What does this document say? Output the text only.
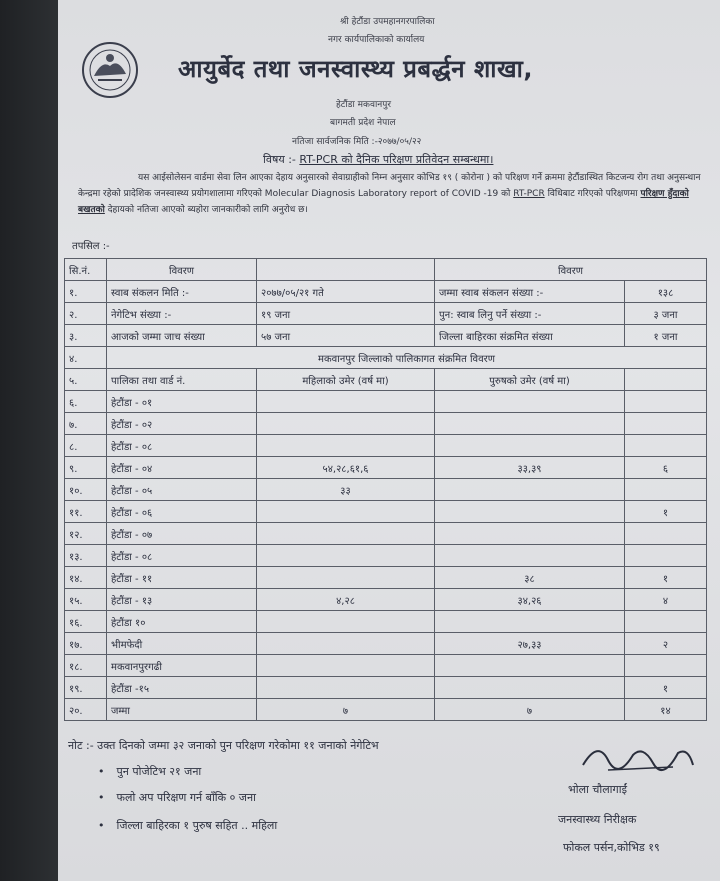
श्री हेटौंडा उपमहानगरपालिका
नगर कार्यपालिकाको कार्यालय
आयुर्बेद तथा जनस्वास्थ्य प्रबर्द्धन शाखा,
हेटौंडा मकवानपुर
बागमती प्रदेश नेपाल
नतिजा सार्वजनिक मिति :-२०७७/०५/२२
विषय :- RT-PCR को दैनिक परिक्षण प्रतिवेदन सम्बन्धमा।
यस आईसोलेसन वार्डमा सेवा लिन आएका देहाय अनुसारको सेवाग्राहीको निम्न अनुसार कोभिड १९ ( कोरोना ) को परिक्षण गर्ने क्रममा हेटौंडास्थित किटजन्य रोग तथा अनुसन्धान केन्द्रमा रहेको प्रादेशिक जनस्वास्थ्य प्रयोगशालामा गरिएको Molecular Diagnosis Laboratory report of COVID -19 को RT-PCR विधिबाट गरिएको परिक्षणमा परिक्षण हुँदाको बखतको देहायको नतिजा आएको ब्यहोरा जानकारीको लागि अनुरोध छ।
तपसिल :-
सि.नं.	विवरण		विवरण	
१.	स्वाब संकलन मिति :-	२०७७/०५/२१ गते	जम्मा स्वाब संकलन संख्या :-	१३८
२.	नेगेटिभ संख्या :-	१९ जना	पुन: स्वाब लिनु पर्ने संख्या :-	३ जना
३.	आजको जम्मा जाच संख्या	५७ जना	जिल्ला बाहिरका संक्रमित संख्या	१ जना
४.	मकवानपुर जिल्लाको पालिकागत संक्रमित विवरण			
५.	पालिका तथा वार्ड नं.	महिलाको उमेर (वर्ष मा)	पुरुषको उमेर (वर्ष मा)	
६.	हेटौंडा - ०१			
७.	हेटौंडा - ०२			
८.	हेटौंडा - ०८			
९.	हेटौंडा - ०४	५४,२८,६१,६	३३,३९	६
१०.	हेटौंडा - ०५	३३		
११.	हेटौंडा - ०६			१
१२.	हेटौंडा - ०७			
१३.	हेटौंडा - ०८			
१४.	हेटौंडा - ११		३८	१
१५.	हेटौंडा - १३	४,२८	३४,२६	४
१६.	हेटौंडा १०			
१७.	भीमफेदी		२७,३३	२
१८.	मकवानपुरगढी			
१९.	हेटौंडा -१५			१
२०.	जम्मा	७	७	१४
नोट :- उक्त दिनको जम्मा ३२ जनाको पुन परिक्षण गरेकोमा ११ जनाको नेगेटिभ
• पुन पोजेटिभ २१ जना
• फलो अप परिक्षण गर्न बाँकि ० जना
• जिल्ला बाहिरका १ पुरुष सहित .. महिला
भोला चौलागाईं
जनस्वास्थ्य निरीक्षक
फोकल पर्सन,कोभिड १९
